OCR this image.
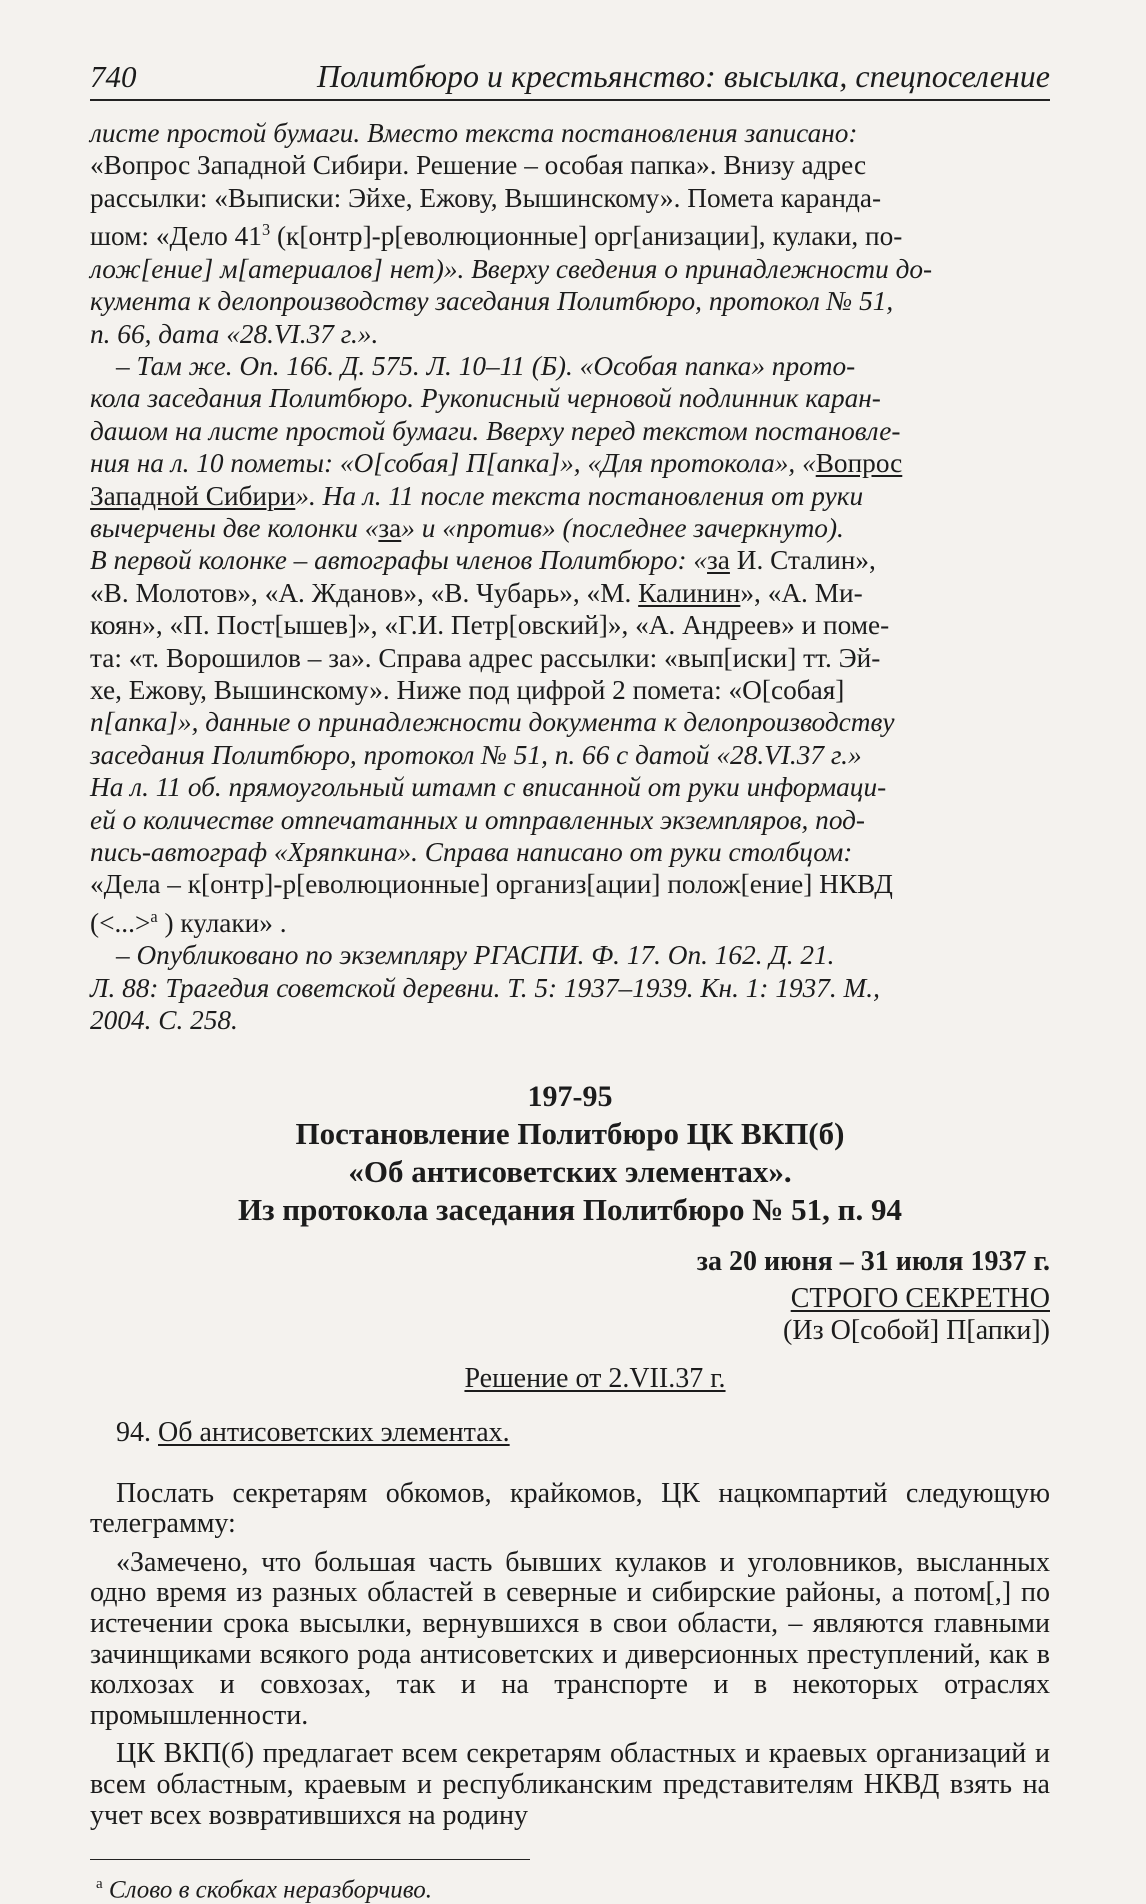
740	Политбюро и крестьянство: высылка, спецпоселение

листе простой бумаги. Вместо текста постановления записано:

«Вопрос Западной Сибири. Решение – особая папка». Внизу адрес

рассылки: «Выписки: Эйхе, Ежову, Вышинскому». Помета каранда-

шом: «Дело $41^3$ (к[онтр]-р[еволюционные] орг[анизации], кулаки, по-

лож[ение] м[атериалов] нет)». Вверху сведения о принадлежности до-

кумента к делопроизводству заседания Политбюро, протокол № 51,

п. 66, дата «28.VI.37 г.».

– Там же. Оп. 166. Д. 575. Л. 10–11 (Б). «Особая папка» прото-

кола заседания Политбюро. Рукописный черновой подлинник каран-

дашом на листе простой бумаги. Вверху перед текстом постановле-

ния на л. 10 пометы: «О[собая] П[апка]», «Для протокола», «Вопрос

Западной Сибири». На л. 11 после текста постановления от руки

вычерчены две колонки «за» и «против» (последнее зачеркнуто).

В первой колонке – автографы членов Политбюро: «за И. Сталин»,

«В. Молотов», «А. Жданов», «В. Чубарь», «М. Калинин», «А. Ми-

коян», «П. Пост[ышев]», «Г.И. Петр[овский]», «А. Андреев» и поме-

та: «т. Ворошилов – за». Справа адрес рассылки: «вып[иски] тт. Эй-

хе, Ежову, Вышинскому». Ниже под цифрой 2 помета: «О[собая]

п[апка]», данные о принадлежности документа к делопроизводству

заседания Политбюро, протокол № 51, п. 66 с датой «28.VI.37 г.»

На л. 11 об. прямоугольный штамп с вписанной от руки информаци-

ей о количестве отпечатанных и отправленных экземпляров, под-

пись-автограф «Хряпкина». Справа написано от руки столбцом:

«Дела – к[онтр]-р[еволюционные] организ[ации] полож[ение] НКВД

(<...>$^а$ ) кулаки» .

– Опубликовано по экземпляру РГАСПИ. Ф. 17. Оп. 162. Д. 21.

Л. 88: Трагедия советской деревни. Т. 5: 1937–1939. Кн. 1: 1937. М.,

2004. С. 258.

197-95
Постановление Политбюро ЦК ВКП(б)
«Об антисоветских элементах».
Из протокола заседания Политбюро № 51, п. 94
за 20 июня – 31 июля 1937 г.
СТРОГО СЕКРЕТНО
(Из О[собой] П[апки])
Решение от 2.VII.37 г.
94. Об антисоветских элементах.

Послать секретарям обкомов, крайкомов, ЦК нацкомпартий следующую телеграмму:

«Замечено, что большая часть бывших кулаков и уголовников, высланных одно время из разных областей в северные и сибирские районы, а потом[,] по истечении срока высылки, вернувшихся в свои области, – являются главными зачинщиками всякого рода антисоветских и диверсионных преступлений, как в колхозах и совхозах, так и на транспорте и в некоторых отраслях промышленности.

ЦК ВКП(б) предлагает всем секретарям областных и краевых организаций и всем областным, краевым и республиканским представителям НКВД взять на учет всех возвратившихся на родину

$^а$ Слово в скобках неразборчиво.
